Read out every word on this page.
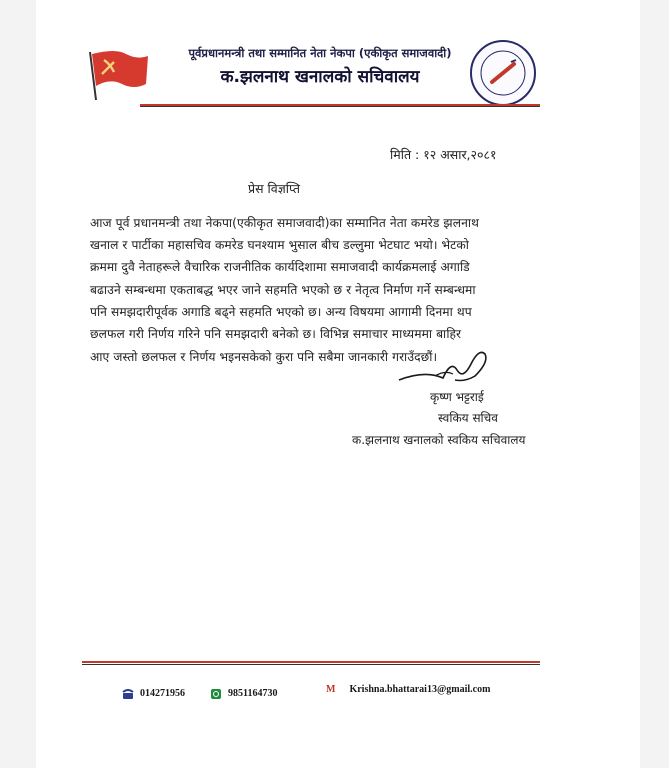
पूर्वप्रधानमन्त्री तथा सम्मानित नेता नेकपा (एकीकृत समाजवादी)
क.झलनाथ खनालको सचिवालय
मिति : १२ असार,२०८१
प्रेस विज्ञप्ति
आज पूर्व प्रधानमन्त्री तथा नेकपा(एकीकृत समाजवादी)का सम्मानित नेता कमरेड झलनाथ
खनाल र पार्टीका महासचिव कमरेड घनश्याम भुसाल बीच डल्लुमा भेटघाट भयो। भेटको
क्रममा दुवै नेताहरूले वैचारिक राजनीतिक कार्यदिशामा समाजवादी कार्यक्रमलाई अगाडि
बढाउने सम्बन्धमा एकताबद्ध भएर जाने सहमति भएको छ र नेतृत्व निर्माण गर्ने सम्बन्धमा
पनि समझदारीपूर्वक अगाडि बढ्ने सहमति भएको छ। अन्य विषयमा आगामी दिनमा थप
छलफल गरी निर्णय गरिने पनि समझदारी बनेको छ। विभिन्न समाचार माध्यममा बाहिर
आए जस्तो छलफल र निर्णय भइनसकेको कुरा पनि सबैमा जानकारी गराउँदछौं।
कृष्ण भट्टराई
स्वकिय सचिव
क.झलनाथ खनालको स्वकिय सचिवालय
014271956	9851164730	M Krishna.bhattarai13@gmail.com
